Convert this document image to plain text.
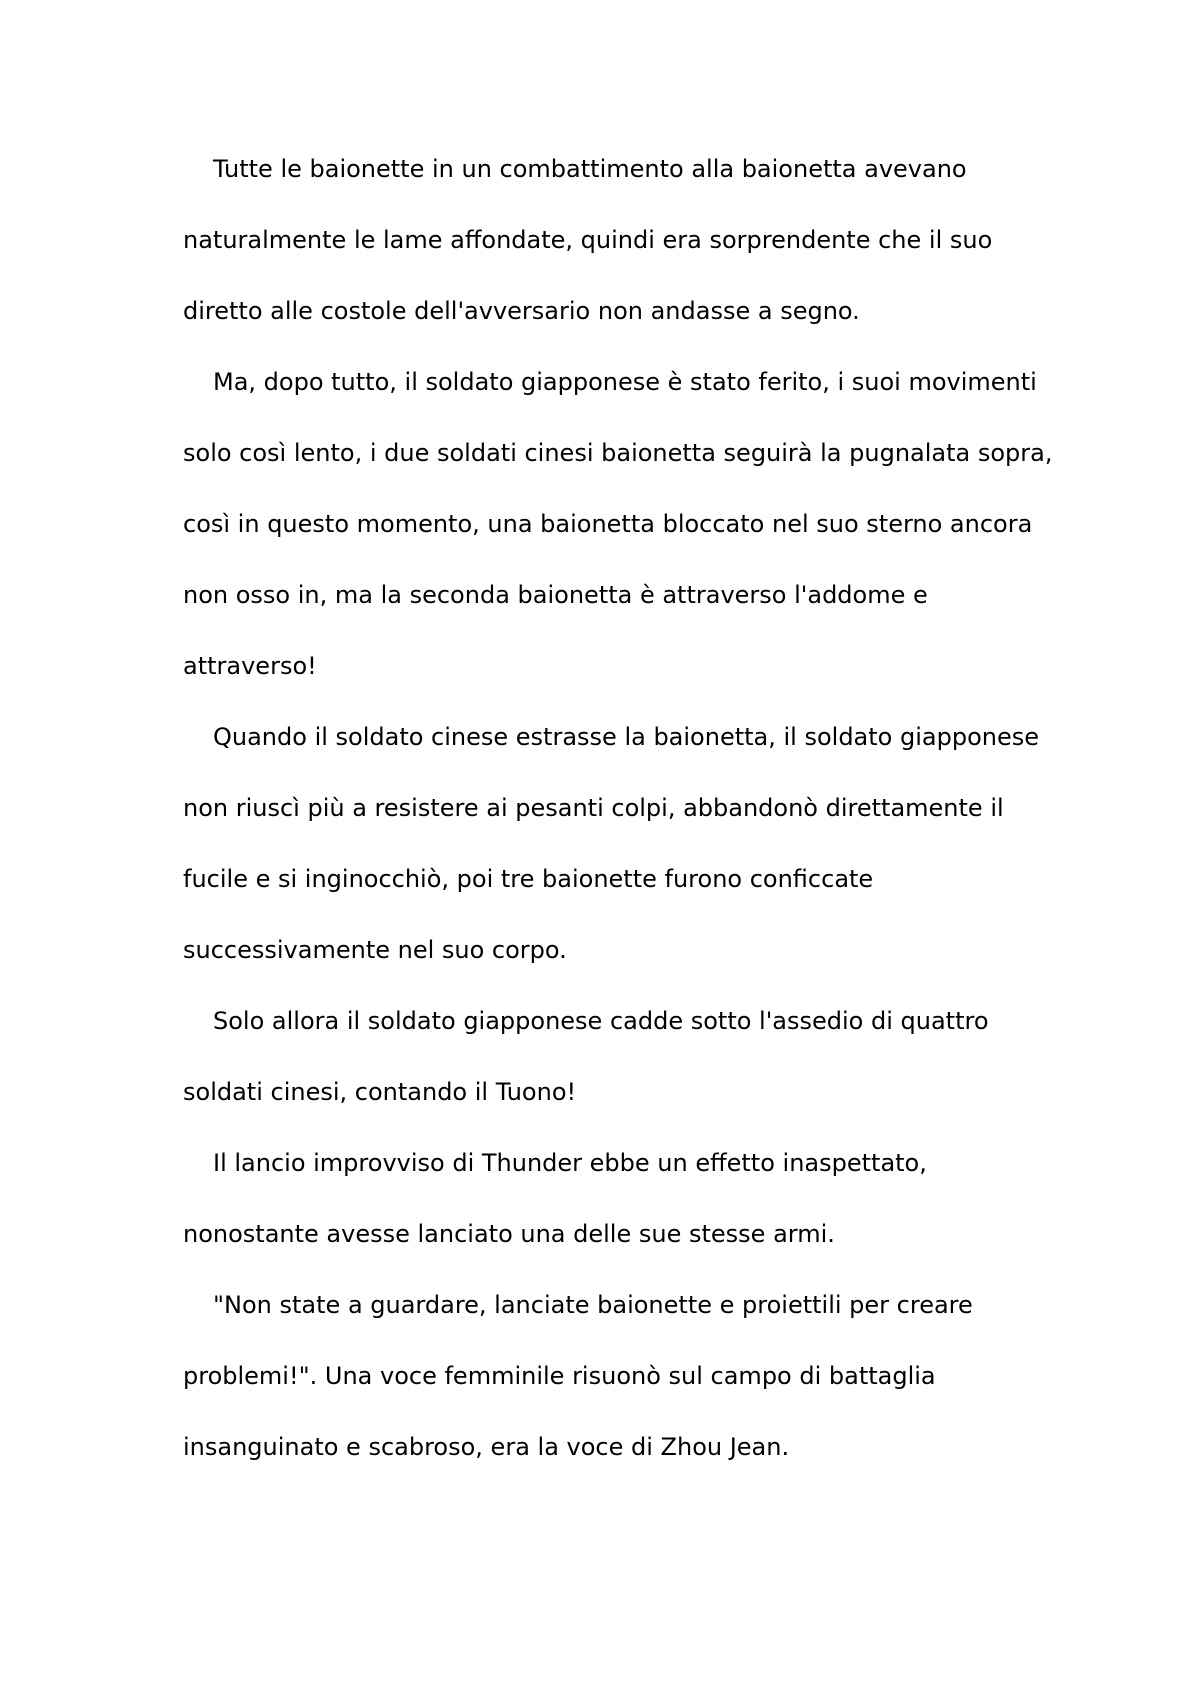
Tutte le baionette in un combattimento alla baionetta avevano naturalmente le lame affondate, quindi era sorprendente che il suo diretto alle costole dell'avversario non andasse a segno.

Ma, dopo tutto, il soldato giapponese è stato ferito, i suoi movimenti solo così lento, i due soldati cinesi baionetta seguirà la pugnalata sopra, così in questo momento, una baionetta bloccato nel suo sterno ancora non osso in, ma la seconda baionetta è attraverso l'addome e attraverso!

Quando il soldato cinese estrasse la baionetta, il soldato giapponese non riuscì più a resistere ai pesanti colpi, abbandonò direttamente il fucile e si inginocchiò, poi tre baionette furono conficcate successivamente nel suo corpo.

Solo allora il soldato giapponese cadde sotto l'assedio di quattro soldati cinesi, contando il Tuono!

Il lancio improvviso di Thunder ebbe un effetto inaspettato, nonostante avesse lanciato una delle sue stesse armi.

"Non state a guardare, lanciate baionette e proiettili per creare problemi!". Una voce femminile risuonò sul campo di battaglia insanguinato e scabroso, era la voce di Zhou Jean.
